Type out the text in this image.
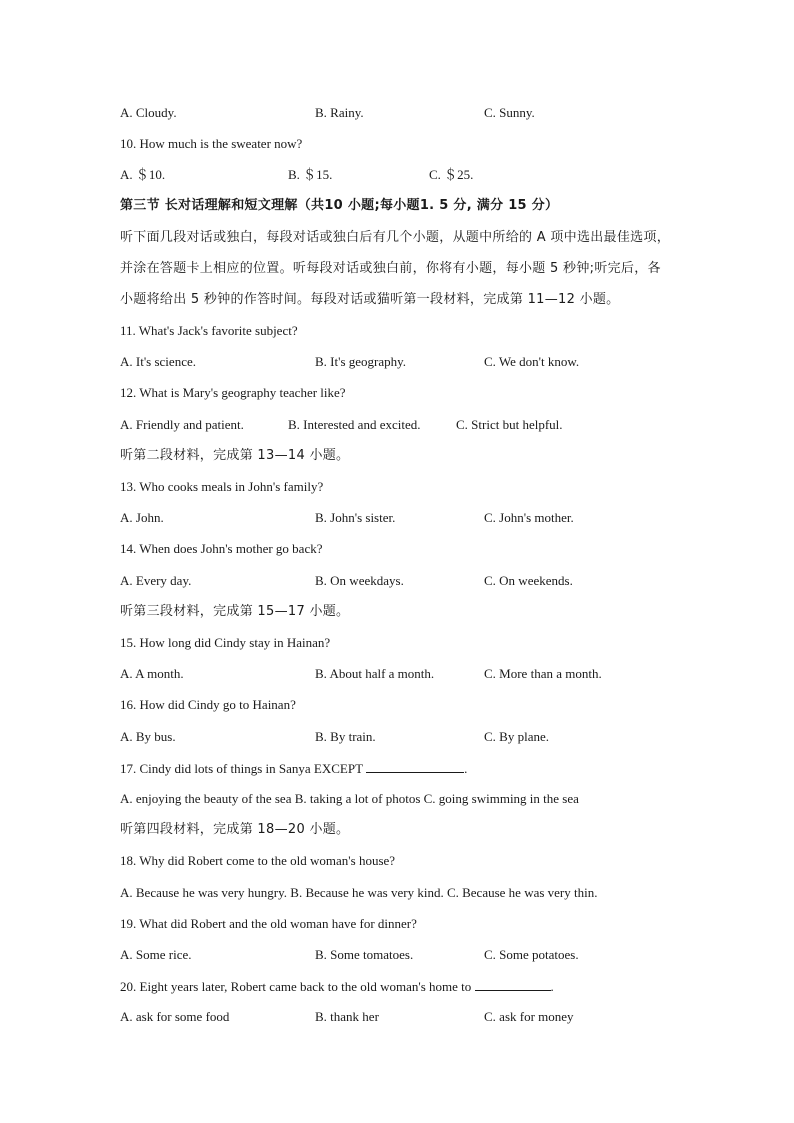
A. Cloudy.	B. Rainy.	C. Sunny.
10. How much is the sweater now?
A. ＄10.	B. ＄15.	C. ＄25.
第三节 长对话理解和短文理解（共10 小题;每小题1. 5 分, 满分 15 分）
听下面几段对话或独白，每段对话或独白后有几个小题，从题中所给的 A 项中选出最佳选项，
并涂在答题卡上相应的位置。听每段对话或独白前，你将有小题，每小题 5 秒钟;听完后，各
小题将给出 5 秒钟的作答时间。每段对话或猫听第一段材料，完成第 11—12 小题。
11. What's Jack's favorite subject?
A. It's science.	B. It's geography.	C. We don't know.
12. What is Mary's geography teacher like?
A. Friendly and patient.	B. Interested and excited.	C. Strict but helpful.
听第二段材料，完成第 13—14 小题。
13. Who cooks meals in John's family?
A. John.	B. John's sister.	C. John's mother.
14. When does John's mother go back?
A. Every day.	B. On weekdays.	C. On weekends.
听第三段材料，完成第 15—17 小题。
15. How long did Cindy stay in Hainan?
A. A month.	B. About half a month.	C. More than a month.
16. How did Cindy go to Hainan?
A. By bus.	B. By train.	C. By plane.
17. Cindy did lots of things in Sanya EXCEPT	.
A. enjoying the beauty of the sea B. taking a lot of photos C. going swimming in the sea
听第四段材料，完成第 18—20 小题。
18. Why did Robert come to the old woman's house?
A. Because he was very hungry. B. Because he was very kind. C. Because he was very thin.
19. What did Robert and the old woman have for dinner?
A. Some rice.	B. Some tomatoes.	C. Some potatoes.
20. Eight years later, Robert came back to the old woman's home to	.
A. ask for some food	B. thank her	C. ask for money
